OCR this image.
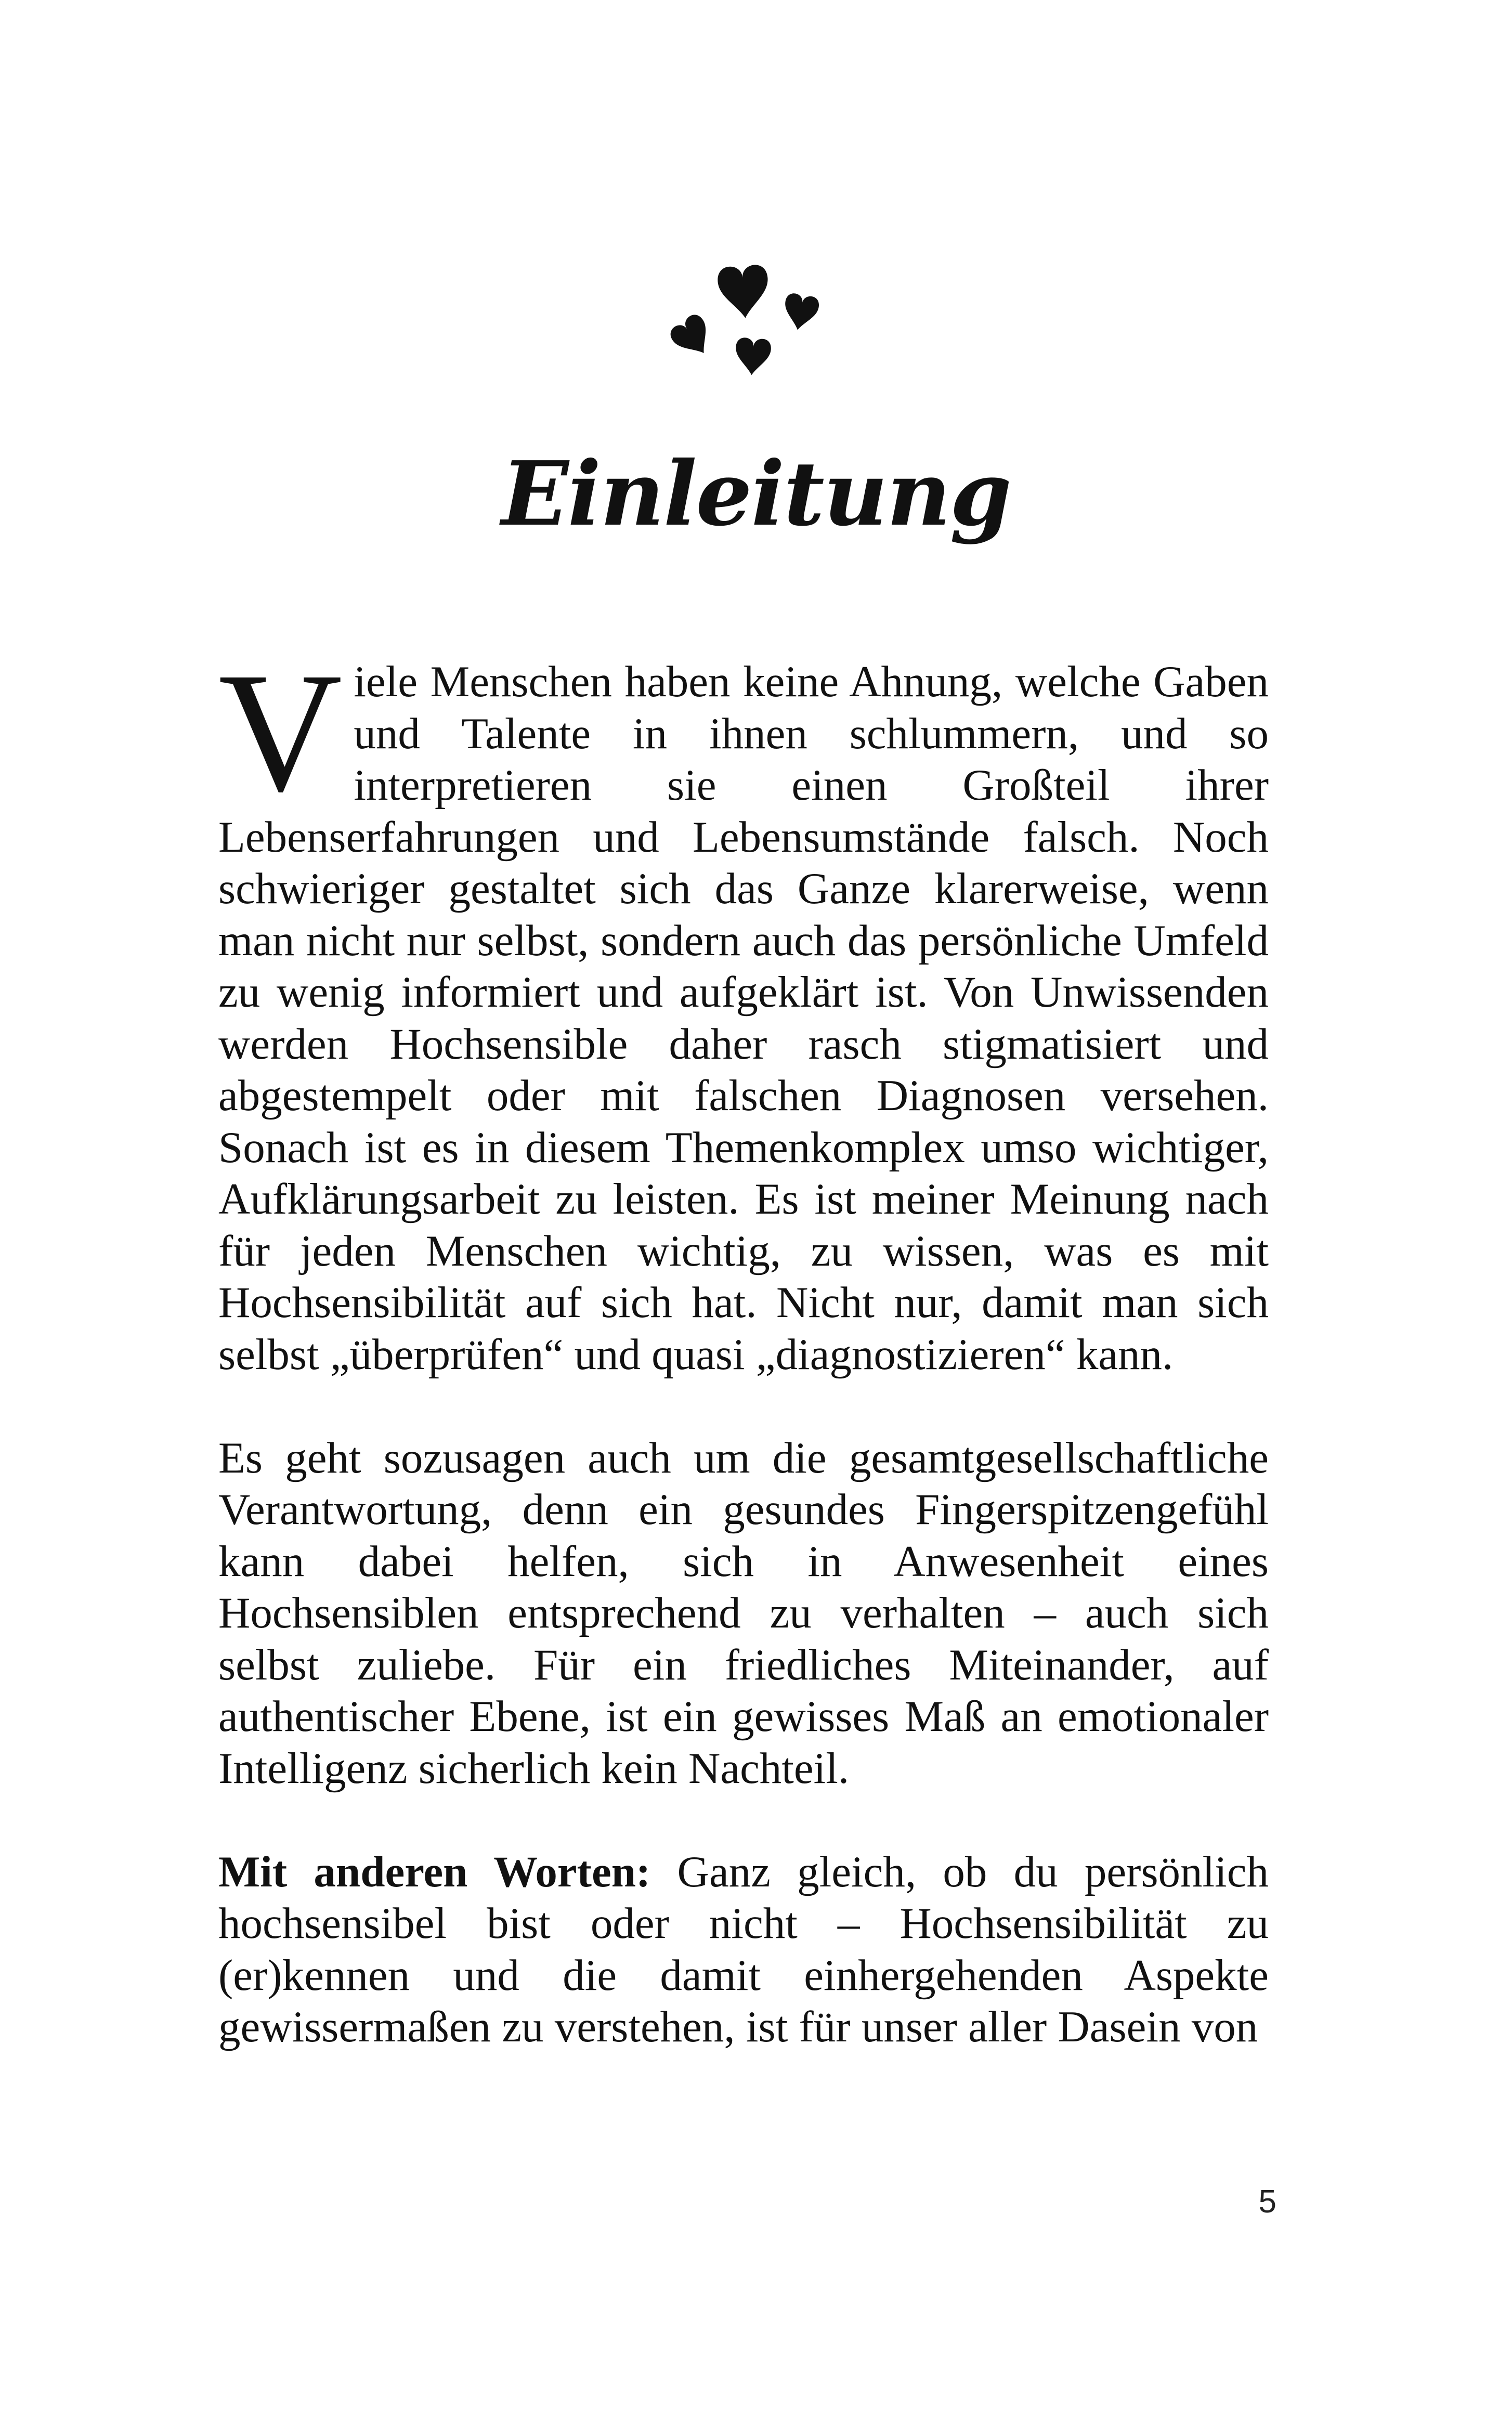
Einleitung

Viele Menschen haben keine Ahnung, welche Gaben und Talente in ihnen schlummern, und so interpretieren sie einen Großteil ihrer Lebenserfahrungen und Lebensumstände falsch. Noch schwieriger gestaltet sich das Ganze klarerweise, wenn man nicht nur selbst, sondern auch das persönliche Umfeld zu wenig informiert und aufgeklärt ist. Von Unwissenden werden Hochsensible daher rasch stigmatisiert und abgestempelt oder mit falschen Diagnosen versehen. Sonach ist es in diesem Themenkomplex umso wichtiger, Aufklärungsarbeit zu leisten. Es ist meiner Meinung nach für jeden Menschen wichtig, zu wissen, was es mit Hochsensibilität auf sich hat. Nicht nur, damit man sich selbst „überprüfen“ und quasi „diagnostizieren“ kann.

Es geht sozusagen auch um die gesamtgesellschaftliche Verantwortung, denn ein gesundes Fingerspitzengefühl kann dabei helfen, sich in Anwesenheit eines Hochsensiblen entsprechend zu verhalten – auch sich selbst zuliebe. Für ein friedliches Miteinander, auf authentischer Ebene, ist ein gewisses Maß an emotionaler Intelligenz sicherlich kein Nachteil.

Mit anderen Worten: Ganz gleich, ob du persönlich hochsensibel bist oder nicht – Hochsensibilität zu (er)kennen und die damit einhergehenden Aspekte gewissermaßen zu verstehen, ist für unser aller Dasein von

5
